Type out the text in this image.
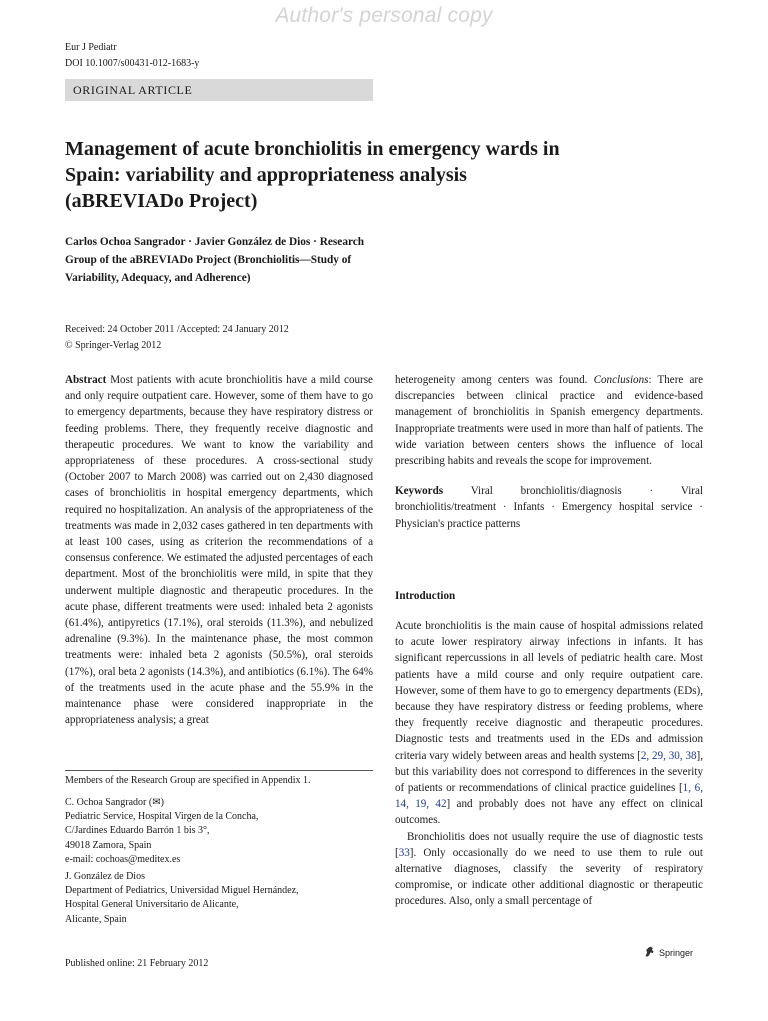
Author's personal copy
Eur J Pediatr
DOI 10.1007/s00431-012-1683-y
ORIGINAL ARTICLE
Management of acute bronchiolitis in emergency wards in Spain: variability and appropriateness analysis (aBREVIADo Project)
Carlos Ochoa Sangrador · Javier González de Dios · Research Group of the aBREVIADo Project (Bronchiolitis—Study of Variability, Adequacy, and Adherence)
Received: 24 October 2011 /Accepted: 24 January 2012
© Springer-Verlag 2012

Abstract Most patients with acute bronchiolitis have a mild course and only require outpatient care. However, some of them have to go to emergency departments, because they have respiratory distress or feeding problems. There, they frequently receive diagnostic and therapeutic procedures. We want to know the variability and appropriateness of these procedures. A cross-sectional study (October 2007 to March 2008) was carried out on 2,430 diagnosed cases of bronchiolitis in hospital emergency departments, which required no hospitalization. An analysis of the appropriateness of the treatments was made in 2,032 cases gathered in ten departments with at least 100 cases, using as criterion the recommendations of a consensus conference. We estimated the adjusted percentages of each department. Most of the bronchiolitis were mild, in spite that they underwent multiple diagnostic and therapeutic procedures. In the acute phase, different treatments were used: inhaled beta 2 agonists (61.4%), antipyretics (17.1%), oral steroids (11.3%), and nebulized adrenaline (9.3%). In the maintenance phase, the most common treatments were: inhaled beta 2 agonists (50.5%), oral steroids (17%), oral beta 2 agonists (14.3%), and antibiotics (6.1%). The 64% of the treatments used in the acute phase and the 55.9% in the maintenance phase were considered inappropriate in the appropriateness analysis; a great

Members of the Research Group are specified in Appendix 1.

C. Ochoa Sangrador (✉)

Pediatric Service, Hospital Virgen de la Concha,

C/Jardines Eduardo Barrón 1 bis 3°,

49018 Zamora, Spain

e-mail: cochoas@meditex.es

J. González de Dios

Department of Pediatrics, Universidad Miguel Hernández,

Hospital General Universitario de Alicante,

Alicante, Spain

Published online: 21 February 2012

heterogeneity among centers was found. Conclusions: There are discrepancies between clinical practice and evidence-based management of bronchiolitis in Spanish emergency departments. Inappropriate treatments were used in more than half of patients. The wide variation between centers shows the influence of local prescribing habits and reveals the scope for improvement.

Keywords Viral bronchiolitis/diagnosis · Viral bronchiolitis/treatment · Infants · Emergency hospital service · Physician's practice patterns

Introduction

Acute bronchiolitis is the main cause of hospital admissions related to acute lower respiratory airway infections in infants. It has significant repercussions in all levels of pediatric health care. Most patients have a mild course and only require outpatient care. However, some of them have to go to emergency departments (EDs), because they have respiratory distress or feeding problems, where they frequently receive diagnostic and therapeutic procedures. Diagnostic tests and treatments used in the EDs and admission criteria vary widely between areas and health systems [2, 29, 30, 38], but this variability does not correspond to differences in the severity of patients or recommendations of clinical practice guidelines [1, 6, 14, 19, 42] and probably does not have any effect on clinical outcomes.

Bronchiolitis does not usually require the use of diagnostic tests [33]. Only occasionally do we need to use them to rule out alternative diagnoses, classify the severity of respiratory compromise, or indicate other additional diagnostic or therapeutic procedures. Also, only a small percentage of

Springer
